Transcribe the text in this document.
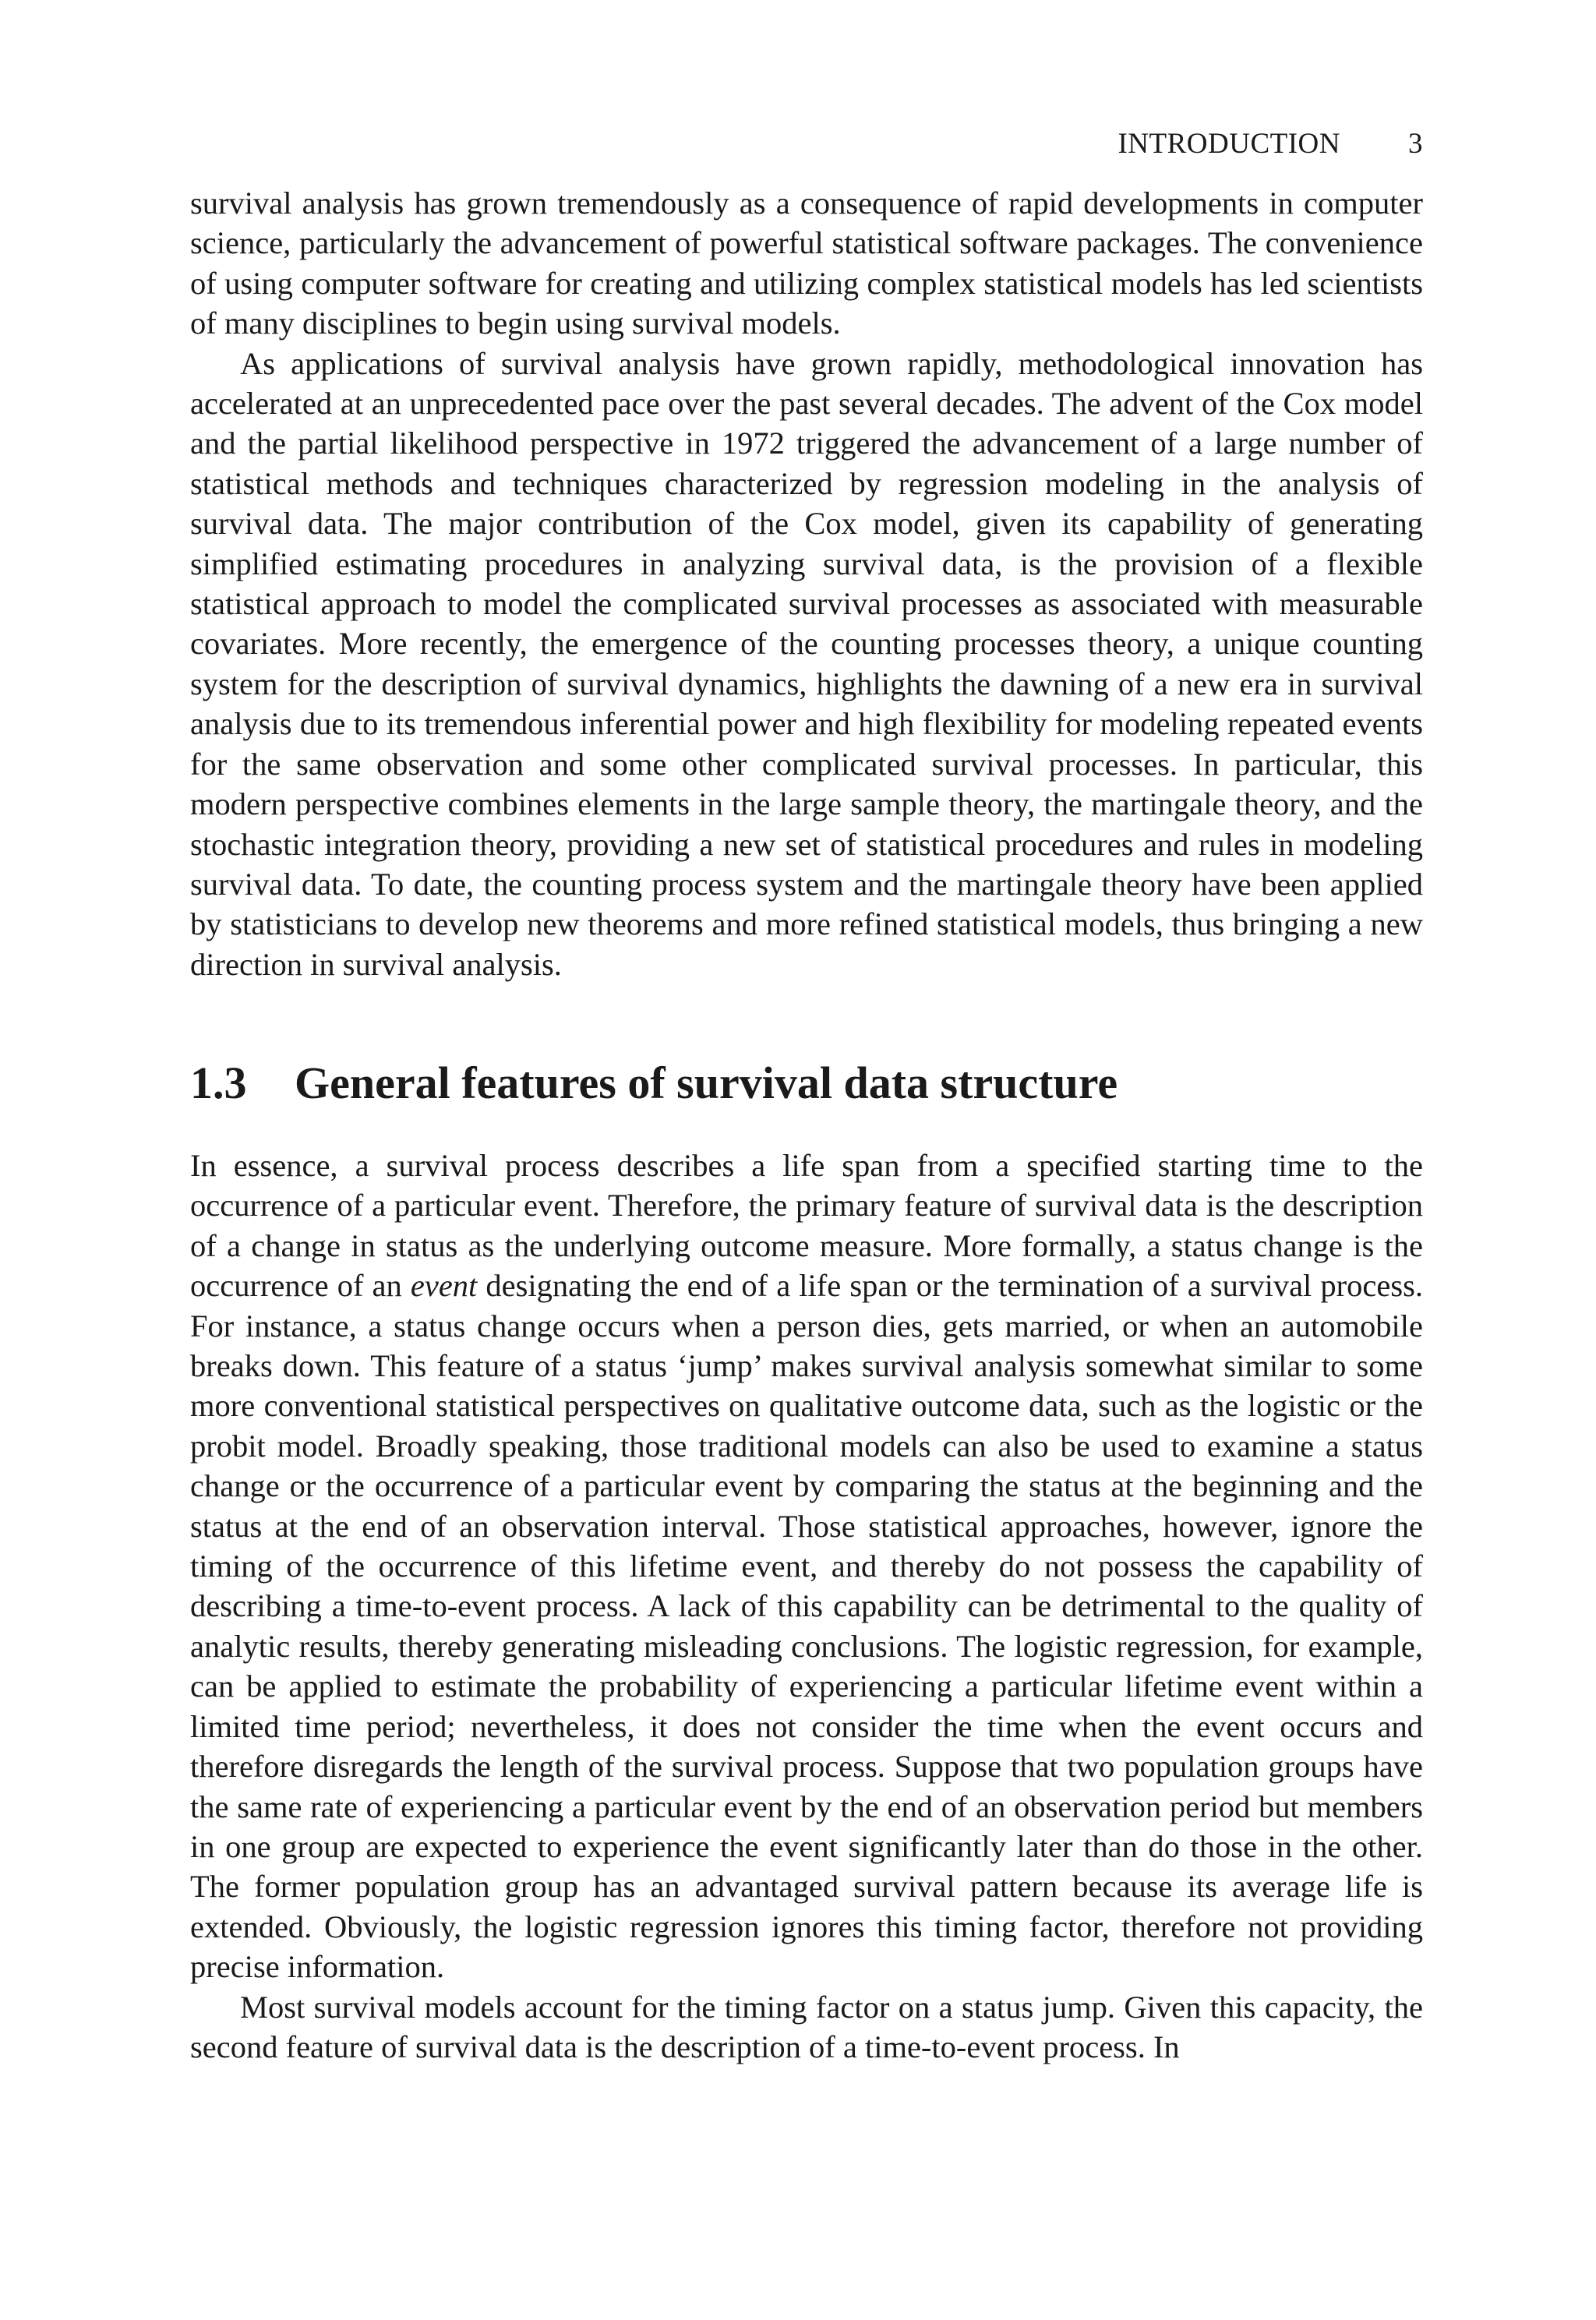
INTRODUCTION 3

survival analysis has grown tremendously as a consequence of rapid developments in computer science, particularly the advancement of powerful statistical software packages. The convenience of using computer software for creating and utilizing complex statistical models has led scientists of many disciplines to begin using survival models.

As applications of survival analysis have grown rapidly, methodological innovation has accelerated at an unprecedented pace over the past several decades. The advent of the Cox model and the partial likelihood perspective in 1972 triggered the advancement of a large number of statistical methods and techniques characterized by regression modeling in the analysis of survival data. The major contribution of the Cox model, given its capability of generating simplified estimating procedures in analyzing survival data, is the provision of a flexible statistical approach to model the complicated survival processes as associated with measurable covariates. More recently, the emergence of the counting processes theory, a unique counting system for the description of survival dynamics, highlights the dawning of a new era in survival analysis due to its tremendous inferential power and high flexibility for modeling repeated events for the same observation and some other complicated survival processes. In particular, this modern perspective combines elements in the large sample theory, the martingale theory, and the stochastic integration theory, providing a new set of statistical procedures and rules in modeling survival data. To date, the counting process system and the martingale theory have been applied by statisticians to develop new theorems and more refined statistical models, thus bringing a new direction in survival analysis.

1.3 General features of survival data structure

In essence, a survival process describes a life span from a specified starting time to the occurrence of a particular event. Therefore, the primary feature of survival data is the description of a change in status as the underlying outcome measure. More formally, a status change is the occurrence of an event designating the end of a life span or the termination of a survival process. For instance, a status change occurs when a person dies, gets married, or when an automobile breaks down. This feature of a status ‘jump’ makes survival analysis somewhat similar to some more conventional statistical perspectives on qualitative outcome data, such as the logistic or the probit model. Broadly speaking, those traditional models can also be used to examine a status change or the occurrence of a particular event by comparing the status at the beginning and the status at the end of an observation interval. Those statistical approaches, however, ignore the timing of the occurrence of this lifetime event, and thereby do not possess the capability of describing a time-to-event process. A lack of this capability can be detrimental to the quality of analytic results, thereby generating misleading conclusions. The logistic regression, for example, can be applied to estimate the probability of experiencing a particular lifetime event within a limited time period; nevertheless, it does not consider the time when the event occurs and therefore disregards the length of the survival process. Suppose that two population groups have the same rate of experiencing a particular event by the end of an observation period but members in one group are expected to experience the event significantly later than do those in the other. The former population group has an advantaged survival pattern because its average life is extended. Obviously, the logistic regression ignores this timing factor, therefore not providing precise information.

Most survival models account for the timing factor on a status jump. Given this capacity, the second feature of survival data is the description of a time-to-event process. In
